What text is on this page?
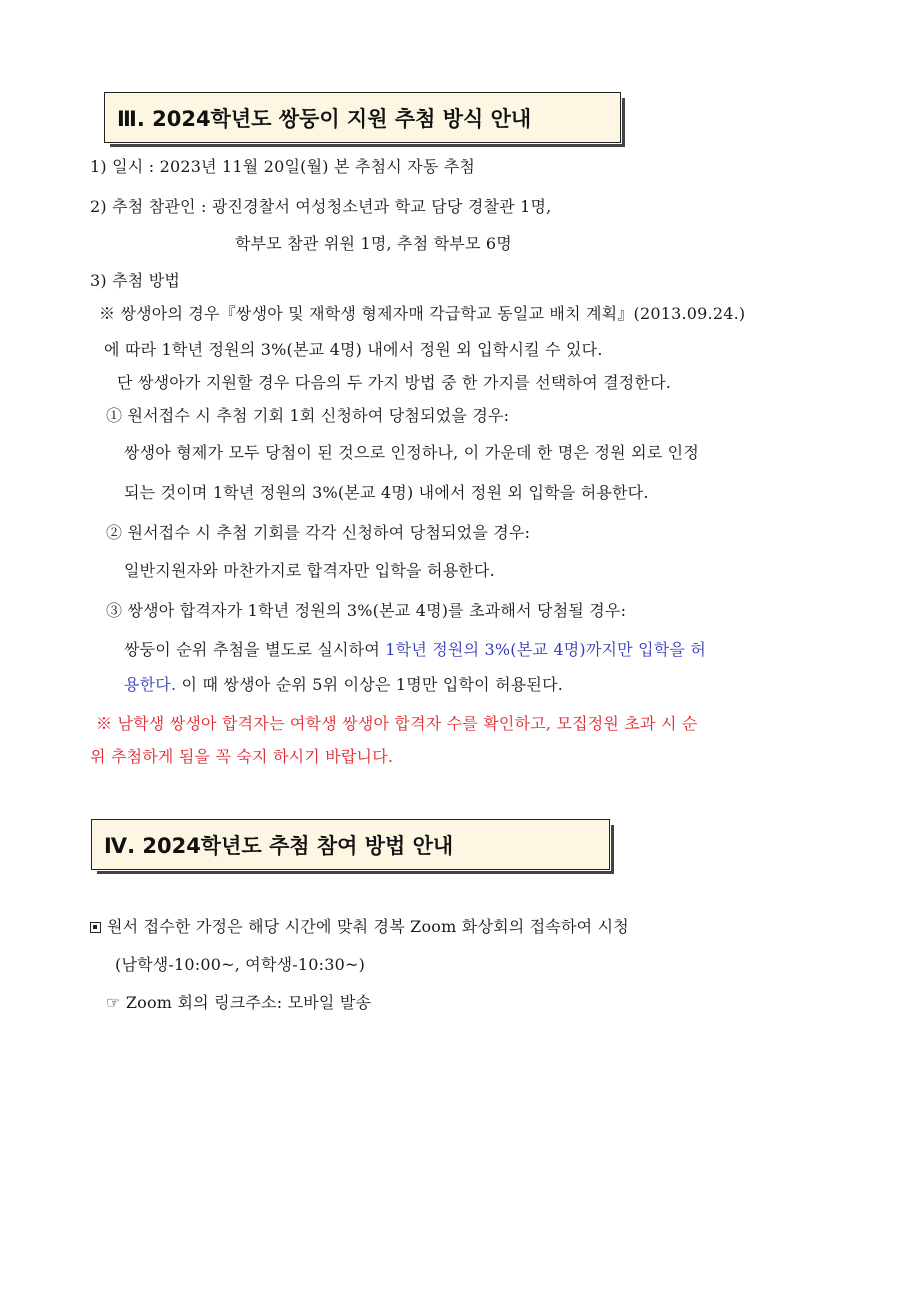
Ⅲ. 2024학년도 쌍둥이 지원 추첨 방식 안내
1) 일시 : 2023년 11월 20일(월) 본 추첨시 자동 추첨
2) 추첨 참관인 : 광진경찰서 여성청소년과 학교 담당 경찰관 1명,
학부모 참관 위원 1명, 추첨 학부모 6명
3) 추첨 방법
※ 쌍생아의 경우『쌍생아 및 재학생 형제자매 각급학교 동일교 배치 계획』(2013.09.24.)
에 따라 1학년 정원의 3%(본교 4명) 내에서 정원 외 입학시킬 수 있다.
단 쌍생아가 지원할 경우 다음의 두 가지 방법 중 한 가지를 선택하여 결정한다.
① 원서접수 시 추첨 기회 1회 신청하여 당첨되었을 경우:
쌍생아 형제가 모두 당첨이 된 것으로 인정하나, 이 가운데 한 명은 정원 외로 인정
되는 것이며 1학년 정원의 3%(본교 4명) 내에서 정원 외 입학을 허용한다.
② 원서접수 시 추첨 기회를 각각 신청하여 당첨되었을 경우:
일반지원자와 마찬가지로 합격자만 입학을 허용한다.
③ 쌍생아 합격자가 1학년 정원의 3%(본교 4명)를 초과해서 당첨될 경우:
쌍둥이 순위 추첨을 별도로 실시하여 1학년 정원의 3%(본교 4명)까지만 입학을 허
용한다. 이 때 쌍생아 순위 5위 이상은 1명만 입학이 허용된다.
※ 남학생 쌍생아 합격자는 여학생 쌍생아 합격자 수를 확인하고, 모집정원 초과 시 순
위 추첨하게 됨을 꼭 숙지 하시기 바랍니다.
Ⅳ. 2024학년도 추첨 참여 방법 안내
원서 접수한 가정은 해당 시간에 맞춰 경복 Zoom 화상회의 접속하여 시청
(남학생-10:00~, 여학생-10:30~)
☞ Zoom 회의 링크주소: 모바일 발송
